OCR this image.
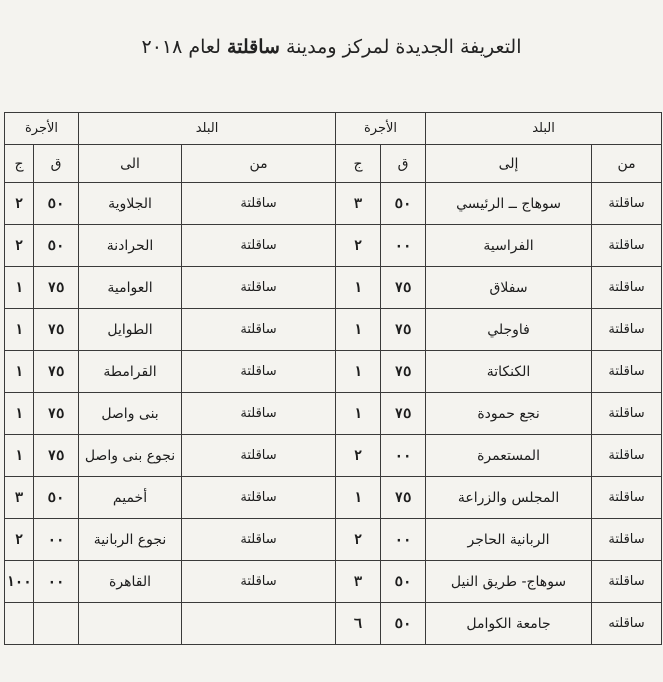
التعريفة الجديدة لمركز ومدينة ساقلتة لعام ٢٠١٨
البلد		الأجرة		البلد		الأجرة	
من	إلى	ق	ج	من	الى	ق	ج
ساقلتة	سوهاج ــ الرئيسي	٥٠	٣	ساقلتة	الجلاوية	٥٠	٢
ساقلتة	الفراسية	٠٠	٢	ساقلتة	الحرادنة	٥٠	٢
ساقلتة	سفلاق	٧٥	١	ساقلتة	العوامية	٧٥	١
ساقلتة	فاوجلي	٧٥	١	ساقلتة	الطوايل	٧٥	١
ساقلتة	الكنكاتة	٧٥	١	ساقلتة	القرامطة	٧٥	١
ساقلتة	نجع حمودة	٧٥	١	ساقلتة	بنى واصل	٧٥	١
ساقلتة	المستعمرة	٠٠	٢	ساقلتة	نجوع بنى واصل	٧٥	١
ساقلتة	المجلس والزراعة	٧٥	١	ساقلتة	أخميم	٥٠	٣
ساقلتة	الربانية الحاجر	٠٠	٢	ساقلتة	نجوع الربانية	٠٠	٢
ساقلتة	سوهاج- طريق النيل	٥٠	٣	ساقلتة	القاهرة	٠٠	١٠٠
ساقلته	جامعة الكوامل	٥٠	٦				
